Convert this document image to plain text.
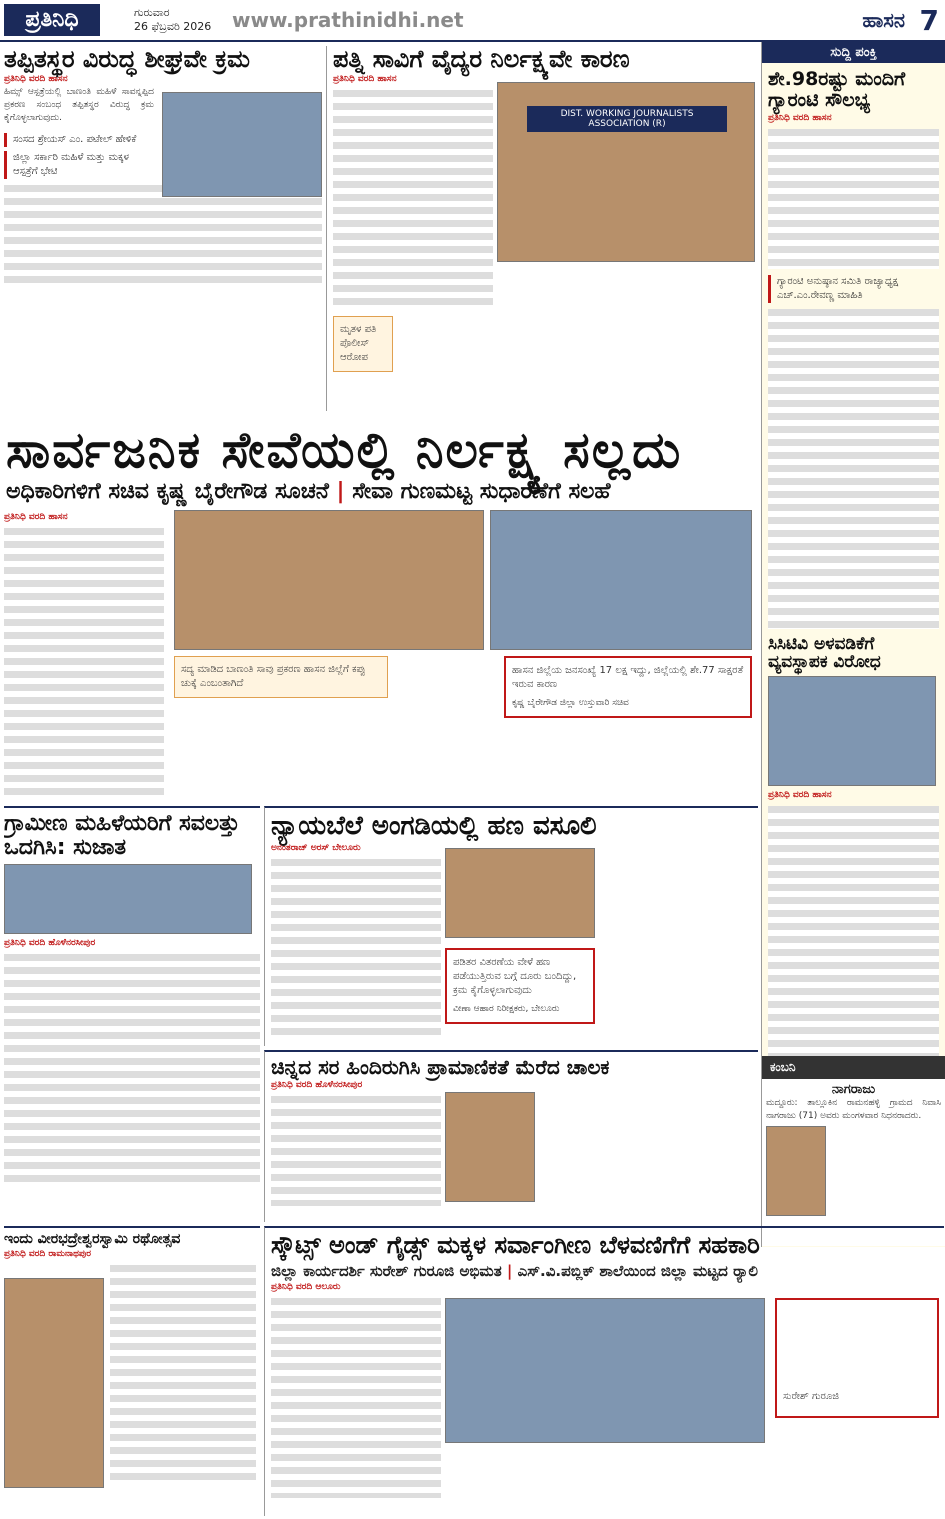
ಪ್ರತಿನಿಧಿ	ಗುರುವಾರ
26 ಫೆಬ್ರವರಿ 2026 www.prathinidhi.net	ಹಾಸನ 7
ತಪ್ಪಿತಸ್ಥರ ವಿರುದ್ಧ ಶೀಘ್ರವೇ ಕ್ರಮ
ಪ್ರತಿನಿಧಿ ವರದಿ ಹಾಸನ
ಹಿಮ್ಸ್ ಆಸ್ಪತ್ರೆಯಲ್ಲಿ ಬಾಣಂತಿ ಮಹಿಳೆ ಸಾವನ್ನಪ್ಪಿದ ಪ್ರಕರಣ ಸಂಬಂಧ ತಪ್ಪಿತಸ್ಥರ ವಿರುದ್ಧ ಕ್ರಮ ಕೈಗೊಳ್ಳಲಾಗುವುದು.
ಸಂಸದ ಶ್ರೇಯಸ್ ಎಂ. ಪಟೇಲ್ ಹೇಳಿಕೆ
ಜಿಲ್ಲಾ ಸರ್ಕಾರಿ ಮಹಿಳೆ ಮತ್ತು ಮಕ್ಕಳ ಆಸ್ಪತ್ರೆಗೆ ಭೇಟಿ
ಪತ್ನಿ ಸಾವಿಗೆ ವೈದ್ಯರ ನಿರ್ಲಕ್ಷ್ಯವೇ ಕಾರಣ
ಪ್ರತಿನಿಧಿ ವರದಿ ಹಾಸನ
ಮೃತಳ ಪತಿ ಪೊಲೀಸ್ ಆರೋಪ
DIST. WORKING JOURNALISTS ASSOCIATION (R)
ಸುದ್ದಿ ಪಂಕ್ತಿ
ಶೇ.98ರಷ್ಟು ಮಂದಿಗೆ ಗ್ಯಾರಂಟಿ ಸೌಲಭ್ಯ
ಪ್ರತಿನಿಧಿ ವರದಿ ಹಾಸನ
ಗ್ಯಾರಂಟಿ ಅನುಷ್ಠಾನ ಸಮಿತಿ ರಾಜ್ಯಾಧ್ಯಕ್ಷ ಎಚ್.ಎಂ.ರೇವಣ್ಣ ಮಾಹಿತಿ
ಸಿಸಿಟಿವಿ ಅಳವಡಿಕೆಗೆ ವ್ಯವಸ್ಥಾಪಕ ವಿರೋಧ
ಪ್ರತಿನಿಧಿ ವರದಿ ಹಾಸನ
ಕಂಬನಿ
ನಾಗರಾಜು
ಮದ್ದೂರು: ತಾಲ್ಲೂಕಿನ ರಾಮನಹಳ್ಳಿ ಗ್ರಾಮದ ನಿವಾಸಿ ನಾಗರಾಜು (71) ಅವರು ಮಂಗಳವಾರ ನಿಧನರಾದರು.
ಸಾರ್ವಜನಿಕ ಸೇವೆಯಲ್ಲಿ ನಿರ್ಲಕ್ಷ್ಯ ಸಲ್ಲದು
ಅಧಿಕಾರಿಗಳಿಗೆ ಸಚಿವ ಕೃಷ್ಣ ಬೈರೇಗೌಡ ಸೂಚನೆ | ಸೇವಾ ಗುಣಮಟ್ಟ ಸುಧಾರಣೆಗೆ ಸಲಹೆ
ಪ್ರತಿನಿಧಿ ವರದಿ ಹಾಸನ
ಸದ್ಯ ಮಾಡಿದ ಬಾಣಂತಿ ಸಾವು ಪ್ರಕರಣ ಹಾಸನ ಜಿಲ್ಲೆಗೆ ಕಪ್ಪು ಚುಕ್ಕೆ ಎಂಬಂತಾಗಿದೆ
ಹಾಸನ ಜಿಲ್ಲೆಯ ಜನಸಂಖ್ಯೆ 17 ಲಕ್ಷ ಇದ್ದು, ಜಿಲ್ಲೆಯಲ್ಲಿ ಶೇ.77 ಸಾಕ್ಷರತೆ ಇರುವ ಕಾರಣ
ಕೃಷ್ಣ ಬೈರೇಗೌಡ ಜಿಲ್ಲಾ ಉಸ್ತುವಾರಿ ಸಚಿವ
ಗ್ರಾಮೀಣ ಮಹಿಳೆಯರಿಗೆ ಸವಲತ್ತು ಒದಗಿಸಿ: ಸುಜಾತ
ಪ್ರತಿನಿಧಿ ವರದಿ ಹೊಳೆನರಸೀಪುರ
ನ್ಯಾಯಬೆಲೆ ಅಂಗಡಿಯಲ್ಲಿ ಹಣ ವಸೂಲಿ
ಅನಂತರಾಜ್ ಅರಸ್ ಬೇಲೂರು
ಪಡಿತರ ವಿತರಣೆಯ ವೇಳೆ ಹಣ ಪಡೆಯುತ್ತಿರುವ ಬಗ್ಗೆ ದೂರು ಬಂದಿದ್ದು, ಕ್ರಮ ಕೈಗೊಳ್ಳಲಾಗುವುದು
ವೀಣಾ ಆಹಾರ ನಿರೀಕ್ಷಕರು, ಬೇಲೂರು
ಚಿನ್ನದ ಸರ ಹಿಂದಿರುಗಿಸಿ ಪ್ರಾಮಾಣಿಕತೆ ಮೆರೆದ ಚಾಲಕ
ಪ್ರತಿನಿಧಿ ವರದಿ ಹೊಳೆನರಸೀಪುರ
ಇಂದು ವೀರಭದ್ರೇಶ್ವರಸ್ವಾಮಿ ರಥೋತ್ಸವ
ಪ್ರತಿನಿಧಿ ವರದಿ ರಾಮನಾಥಪುರ	ಸ್ಕೌಟ್ಸ್ ಅಂಡ್ ಗೈಡ್ಸ್ ಮಕ್ಕಳ ಸರ್ವಾಂಗೀಣ ಬೆಳವಣಿಗೆಗೆ ಸಹಕಾರಿ
ಜಿಲ್ಲಾ ಕಾರ್ಯದರ್ಶಿ ಸುರೇಶ್ ಗುರೂಜಿ ಅಭಿಮತ | ಎಸ್.ವಿ.ಪಬ್ಲಿಕ್ ಶಾಲೆಯಿಂದ ಜಿಲ್ಲಾ ಮಟ್ಟದ ರ‍್ಯಾಲಿ
ಪ್ರತಿನಿಧಿ ವರದಿ ಆಲೂರು
ಸುರೇಶ್ ಗುರೂಜಿ
